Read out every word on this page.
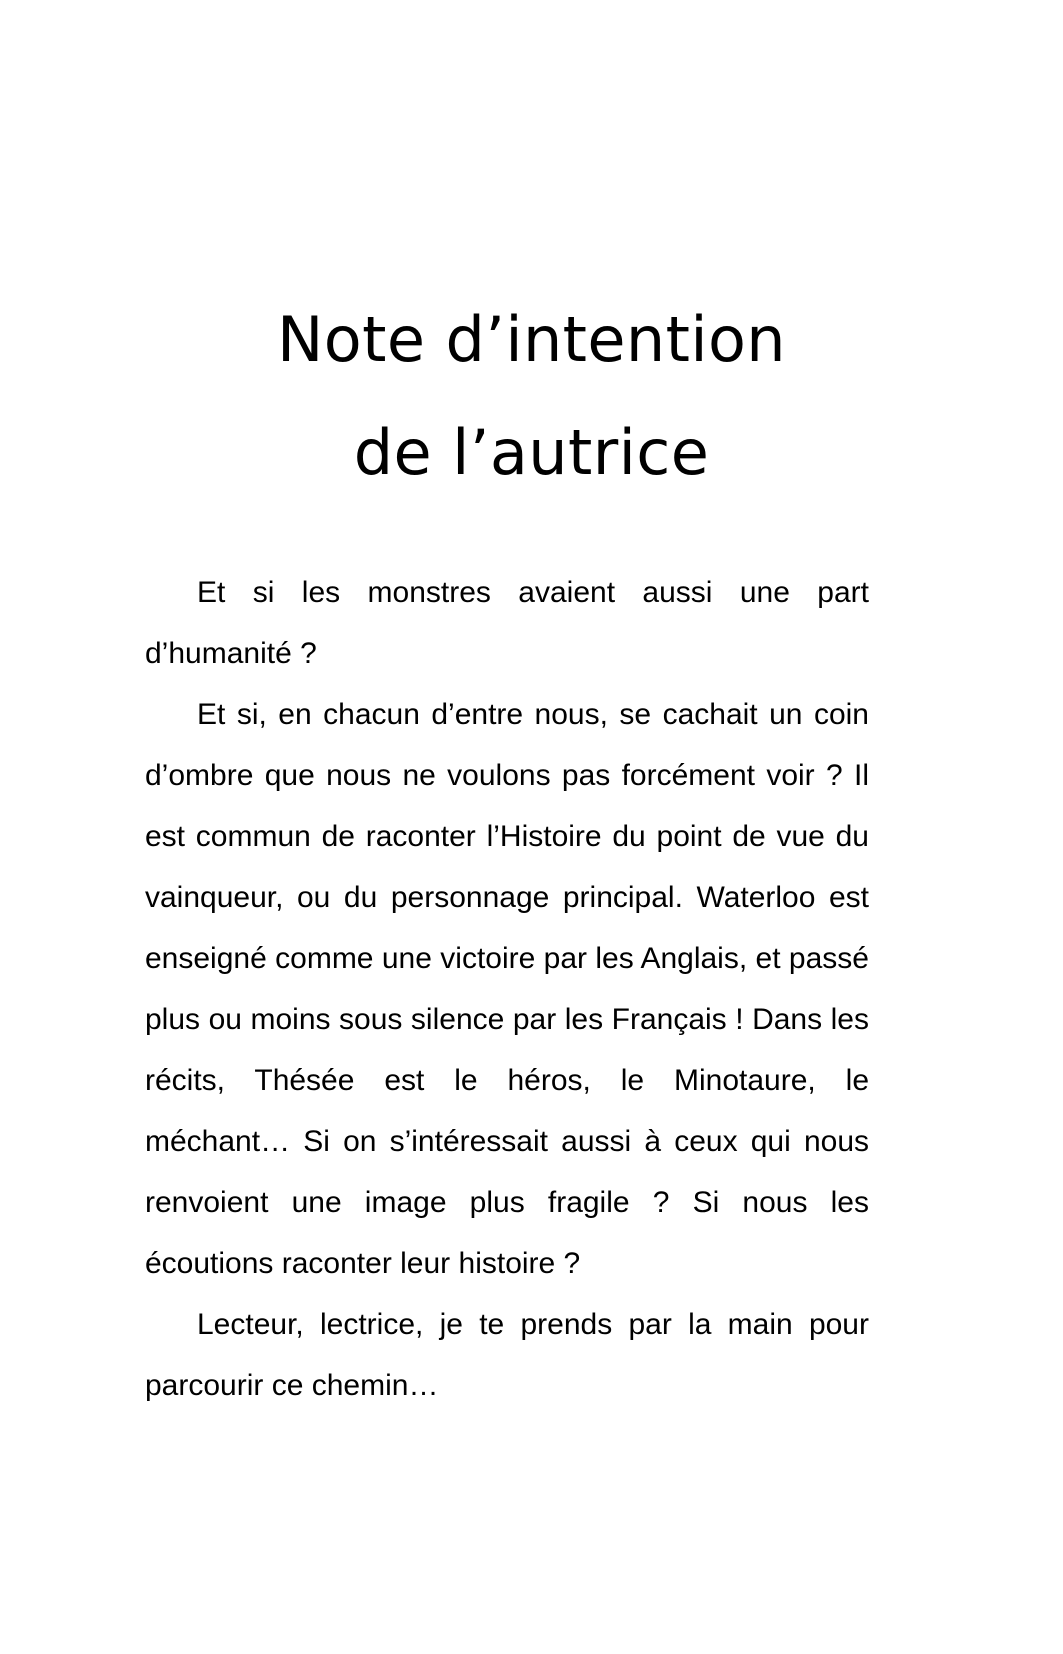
Note d’intention
de l’autrice

Et si les monstres avaient aussi une part d’humanité ?

Et si, en chacun d’entre nous, se cachait un coin d’ombre que nous ne voulons pas forcément voir ? Il est commun de raconter l’Histoire du point de vue du vainqueur, ou du personnage principal. Waterloo est enseigné comme une victoire par les Anglais, et passé plus ou moins sous silence par les Français ! Dans les récits, Thésée est le héros, le Minotaure, le méchant… Si on s’intéressait aussi à ceux qui nous renvoient une image plus fragile ? Si nous les écoutions raconter leur histoire ?

Lecteur, lectrice, je te prends par la main pour parcourir ce chemin…
